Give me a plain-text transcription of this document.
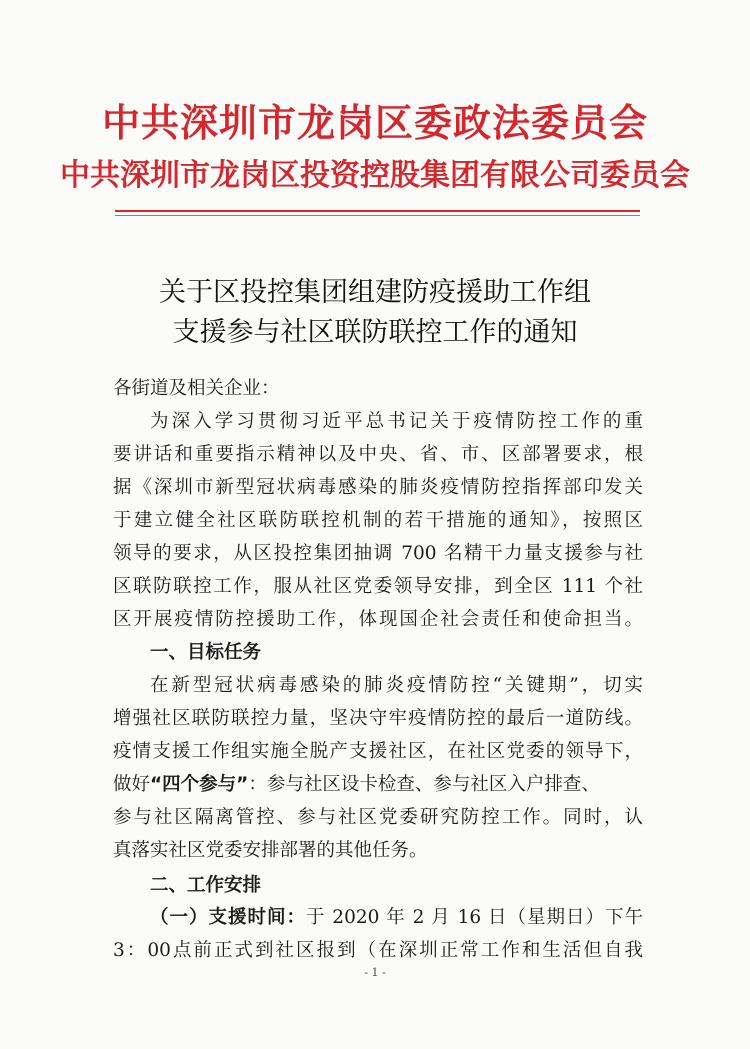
中共深圳市龙岗区委政法委员会
中共深圳市龙岗区投资控股集团有限公司委员会
关于区投控集团组建防疫援助工作组
支援参与社区联防联控工作的通知
各街道及相关企业：
为深入学习贯彻习近平总书记关于疫情防控工作的重
要讲话和重要指示精神以及中央、省、市、区部署要求，根
据《深圳市新型冠状病毒感染的肺炎疫情防控指挥部印发关
于建立健全社区联防联控机制的若干措施的通知》，按照区
领导的要求，从区投控集团抽调 700 名精干力量支援参与社
区联防联控工作，服从社区党委领导安排，到全区 111 个社
区开展疫情防控援助工作，体现国企社会责任和使命担当。
一、目标任务
在新型冠状病毒感染的肺炎疫情防控“关键期”，切实
增强社区联防联控力量，坚决守牢疫情防控的最后一道防线。
疫情支援工作组实施全脱产支援社区，在社区党委的领导下，
做好“四个参与”：参与社区设卡检查、参与社区入户排查、
参与社区隔离管控、参与社区党委研究防控工作。同时，认
真落实社区党委安排部署的其他任务。
二、工作安排
（一）支援时间：于 2020 年 2 月 16 日（星期日）下午
3：00点前正式到社区报到（在深圳正常工作和生活但自我
- 1 -
